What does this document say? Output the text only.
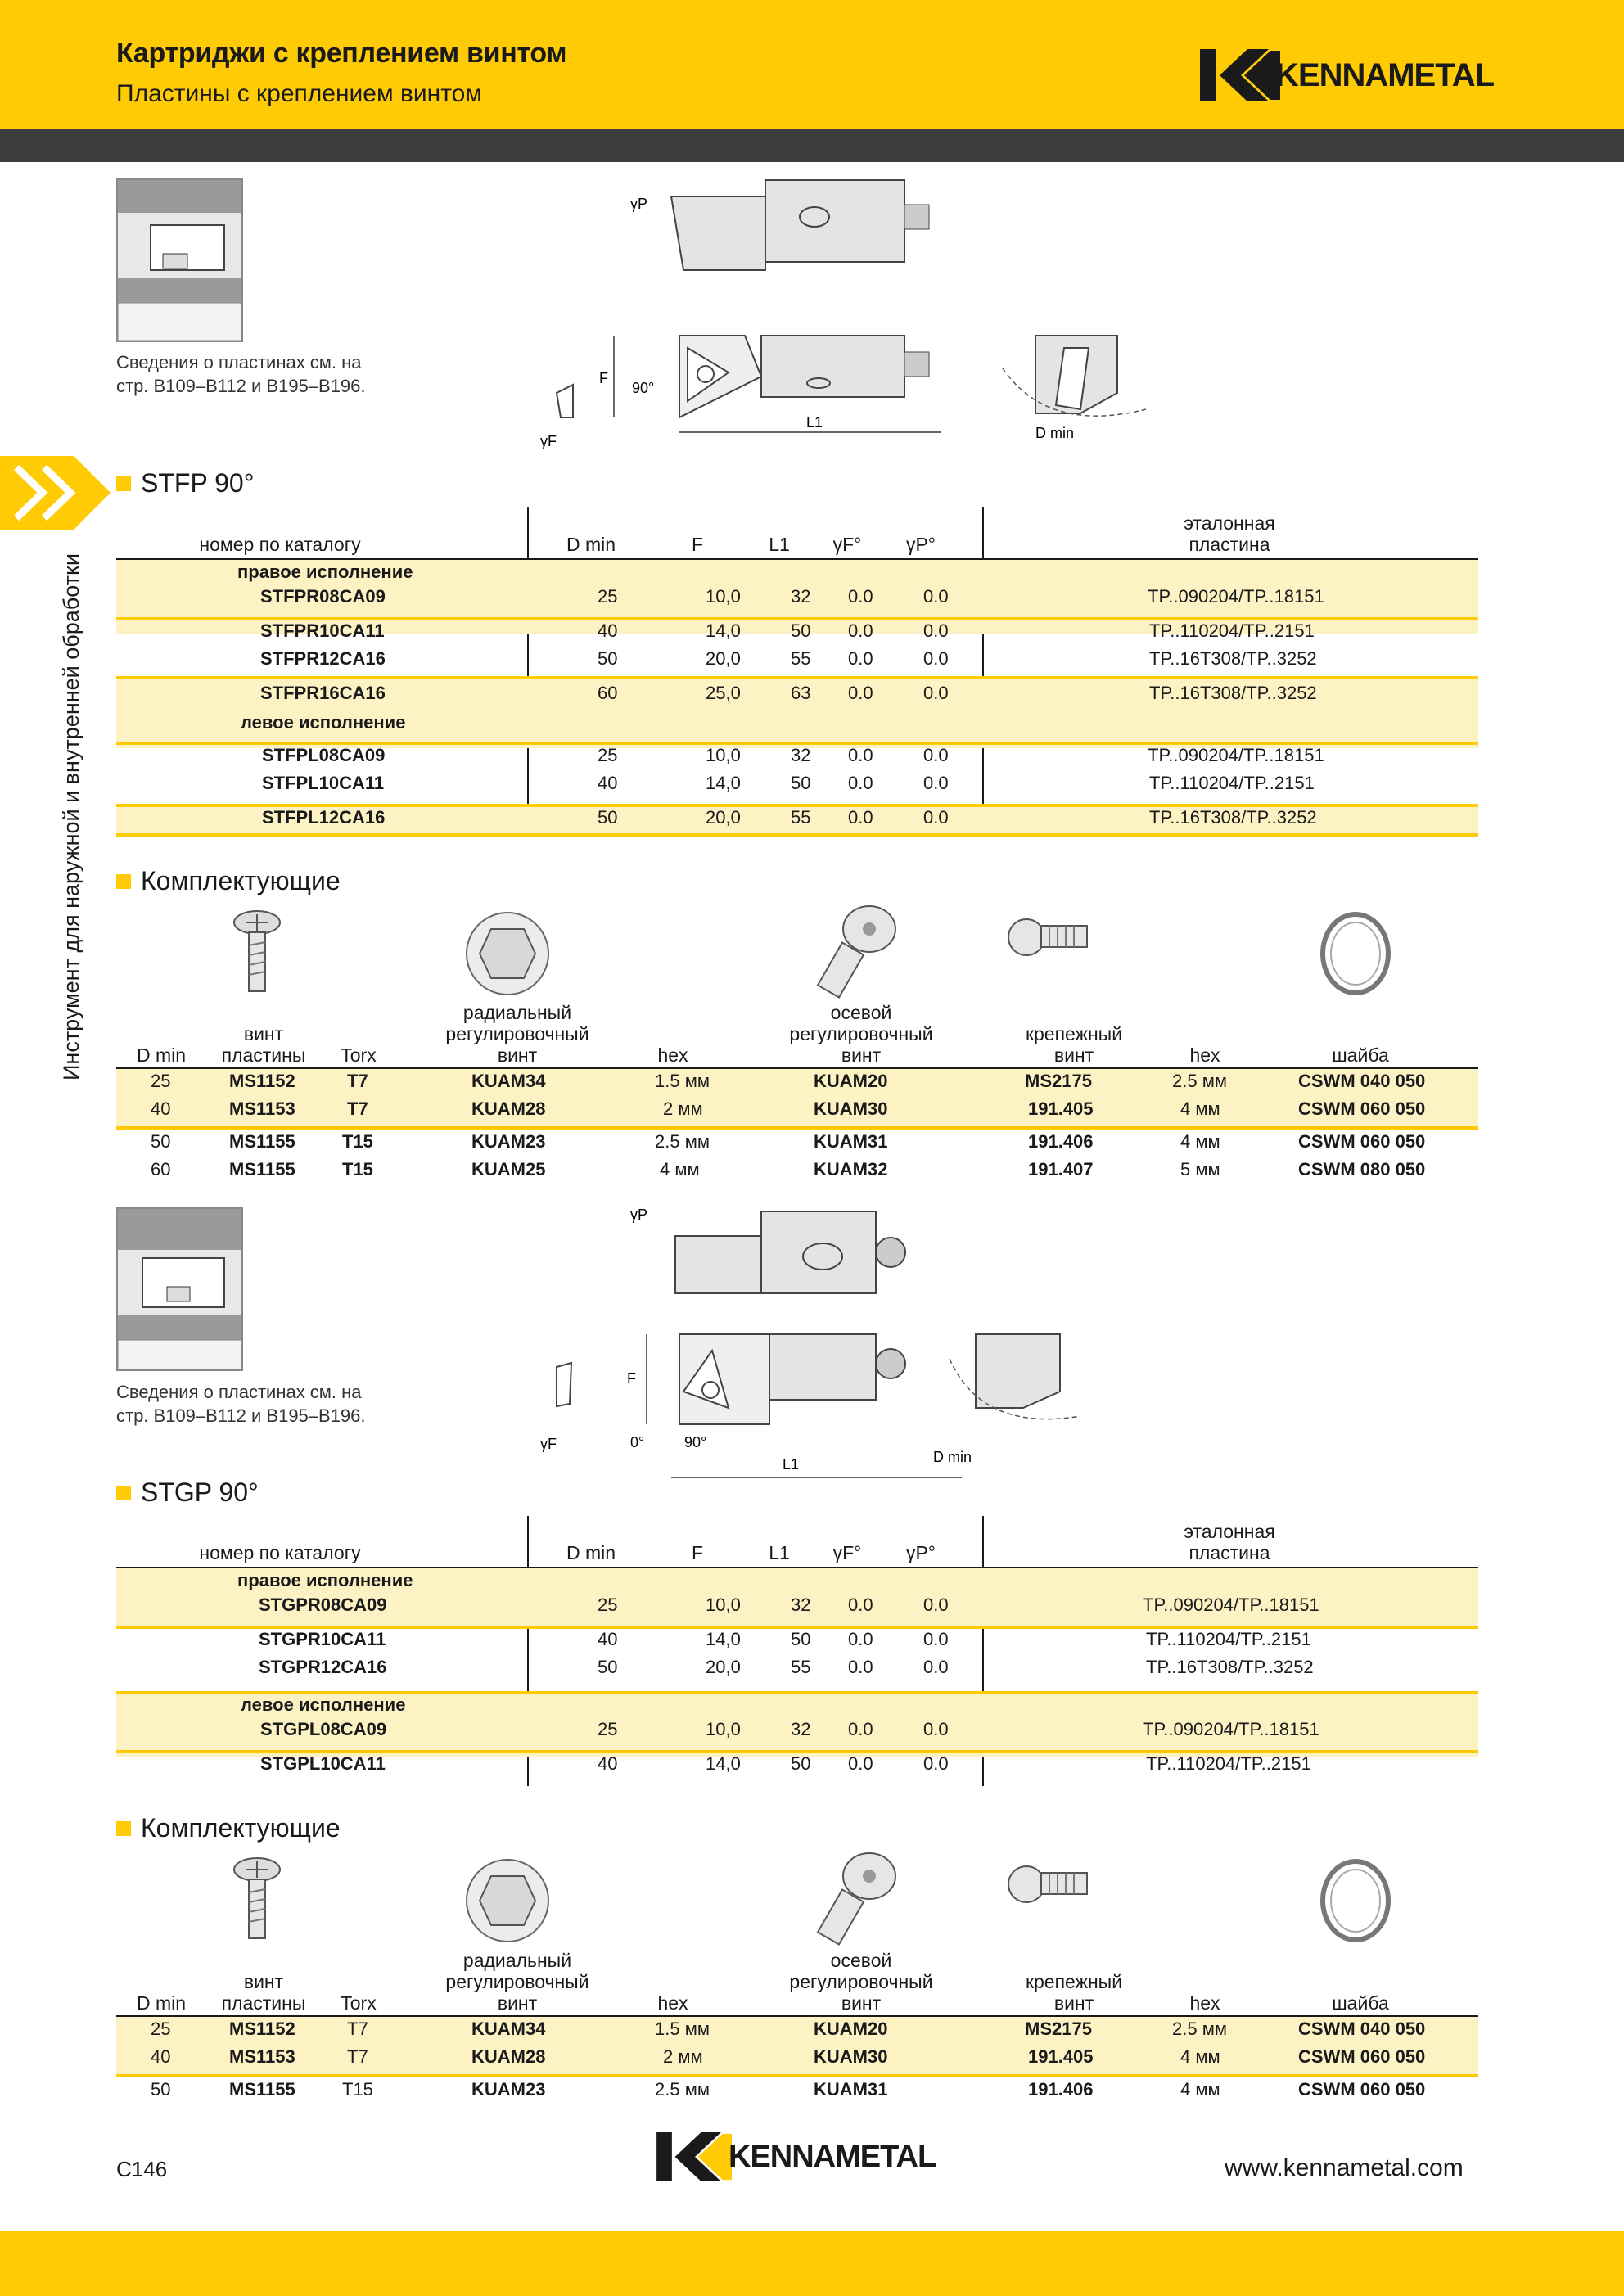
Картриджи с креплением винтом
Пластины с креплением винтом
KENNAMETAL
Инструмент для наружной и внутренней обработки
Сведения о пластинах см. на
стр. B109–B112 и B195–B196.
γP
F
90°
L1
γF	D min
STFP 90°
номер по каталогу	D min	F	L1	γF°	γP°
эталонная
пластина
правое исполнение
левое исполнение
STFPR08CA09	25	10,0	32 0.0	0.0	TP..090204/TP..18151
STFPR10CA11	40	14,0	50 0.0	0.0	TP..110204/TP..2151
STFPR12CA16	50	20,0	55 0.0	0.0	TP..16T308/TP..3252
STFPR16CA16	60	25,0	63 0.0	0.0	TP..16T308/TP..3252
STFPL08CA09	25	10,0	32 0.0	0.0	TP..090204/TP..18151
STFPL10CA11	40	14,0	50 0.0	0.0	TP..110204/TP..2151
STFPL12CA16	50	20,0	55 0.0	0.0	TP..16T308/TP..3252
Комплектующие
D min
винт
пластины	Torx
радиальный
регулировочный
винт	hex
осевой
регулировочный
винт
крепежный
винт	hex	шайба
25	MS1152	T7	KUAM34	1.5 мм	KUAM20	MS2175	2.5 мм	CSWM 040 050
40	MS1153	T7	KUAM28	2 мм	KUAM30	191.405	4 мм	CSWM 060 050
50	MS1155	T15	KUAM23	2.5 мм	KUAM31	191.406	4 мм	CSWM 060 050
60	MS1155	T15	KUAM25	4 мм	KUAM32	191.407	5 мм	CSWM 080 050
Сведения о пластинах см. на
стр. B109–B112 и B195–B196.
γP
F
0°	90°
L1
γF
D min
STGP 90°
номер по каталогу	D min	F	L1	γF°	γP°
эталонная
пластина
правое исполнение
левое исполнение
STGPR08CA09	25	10,0	32 0.0	0.0	TP..090204/TP..18151
STGPR10CA11	40	14,0	50 0.0	0.0	TP..110204/TP..2151
STGPR12CA16	50	20,0	55 0.0	0.0	TP..16T308/TP..3252
STGPL08CA09	25	10,0	32 0.0	0.0	TP..090204/TP..18151
STGPL10CA11	40	14,0	50 0.0	0.0	TP..110204/TP..2151
Комплектующие
D min
винт
пластины	Torx
радиальный
регулировочный
винт	hex
осевой
регулировочный
винт
крепежный
винт	hex	шайба
25	MS1152	T7	KUAM34	1.5 мм	KUAM20	MS2175	2.5 мм	CSWM 040 050
40	MS1153	T7	KUAM28	2 мм	KUAM30	191.405	4 мм	CSWM 060 050
50	MS1155	T15	KUAM23	2.5 мм	KUAM31	191.406	4 мм	CSWM 060 050
C146	KENNAMETAL	www.kennametal.com
